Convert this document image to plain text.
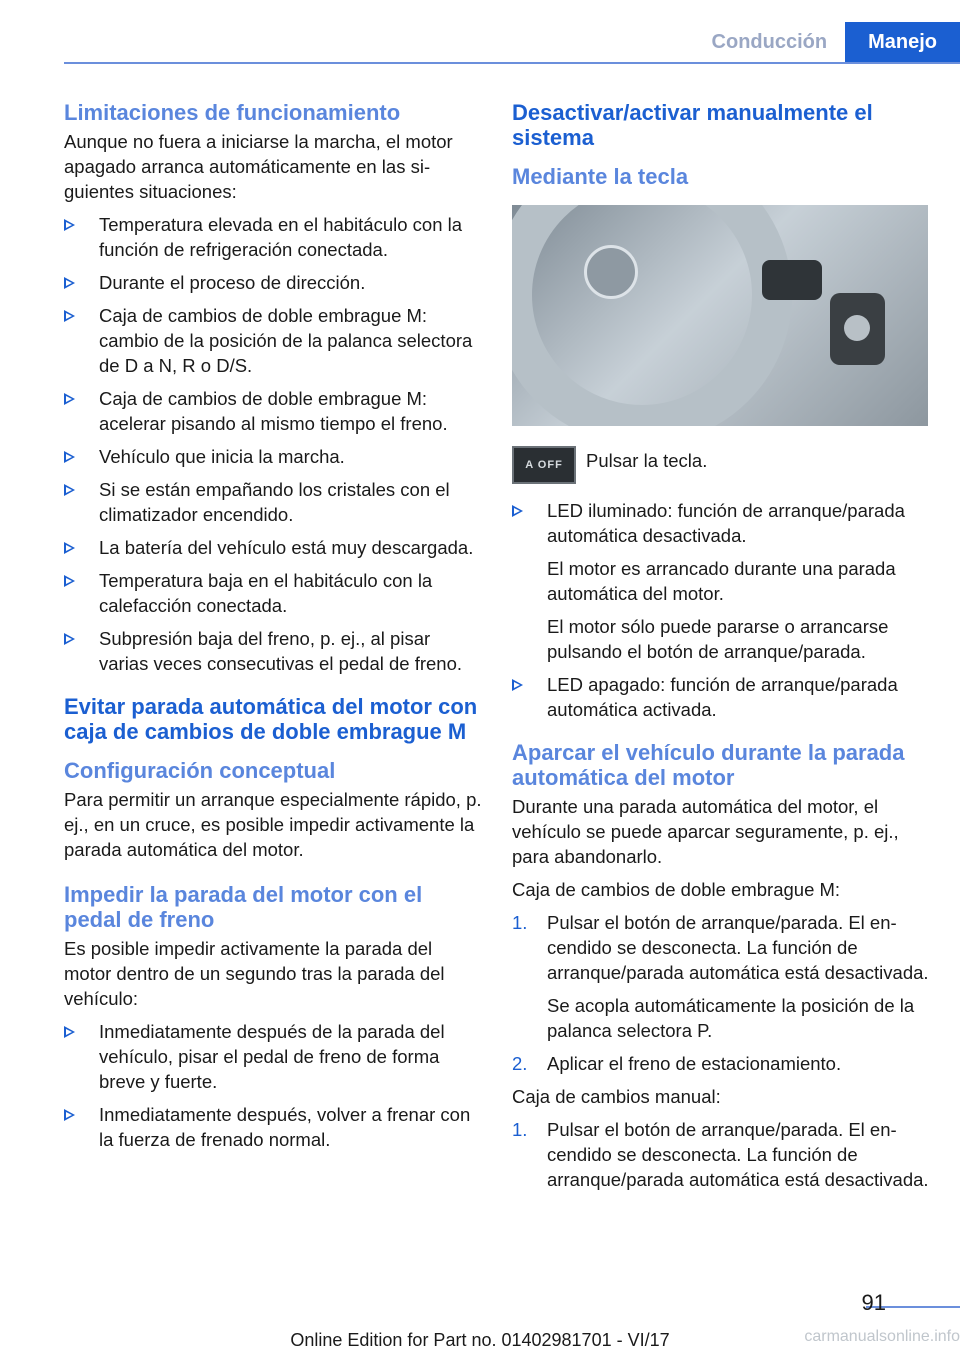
Conducción	Manejo
Limitaciones de funcionamiento

Aunque no fuera a iniciarse la marcha, el motor apagado arranca automáticamente en las siguientes situaciones:

Temperatura elevada en el habitáculo con la función de refrigeración conectada.
Durante el proceso de dirección.
Caja de cambios de doble embrague M: cambio de la posición de la palanca selectora de D a N, R o D/S.
Caja de cambios de doble embrague M: acelerar pisando al mismo tiempo el freno.
Vehículo que inicia la marcha.
Si se están empañando los cristales con el climatizador encendido.
La batería del vehículo está muy descargada.
Temperatura baja en el habitáculo con la calefacción conectada.
Subpresión baja del freno, p. ej., al pisar varias veces consecutivas el pedal de freno.
Evitar parada automática del motor con caja de cambios de doble embrague M
Configuración conceptual

Para permitir un arranque especialmente rápido, p. ej., en un cruce, es posible impedir activamente la parada automática del motor.

Impedir la parada del motor con el pedal de freno

Es posible impedir activamente la parada del motor dentro de un segundo tras la parada del vehículo:

Inmediatamente después de la parada del vehículo, pisar el pedal de freno de forma breve y fuerte.
Inmediatamente después, volver a frenar con la fuerza de frenado normal.
Desactivar/activar manualmente el sistema
Mediante la tecla
A OFF Pulsar la tecla.
LED iluminado: función de arranque/parada automática desactivada.
El motor es arrancado durante una parada automática del motor.
El motor sólo puede pararse o arrancarse pulsando el botón de arranque/parada.
LED apagado: función de arranque/parada automática activada.
Aparcar el vehículo durante la parada automática del motor

Durante una parada automática del motor, el vehículo se puede aparcar seguramente, p. ej., para abandonarlo.

Caja de cambios de doble embrague M:

1. Pulsar el botón de arranque/parada. El encendido se desconecta. La función de arranque/parada automática está desactivada.
Se acopla automáticamente la posición de la palanca selectora P.
2. Aplicar el freno de estacionamiento.

Caja de cambios manual:

1. Pulsar el botón de arranque/parada. El encendido se desconecta. La función de arranque/parada automática está desactivada.
91
Online Edition for Part no. 01402981701 - VI/17	carmanualsonline.info
